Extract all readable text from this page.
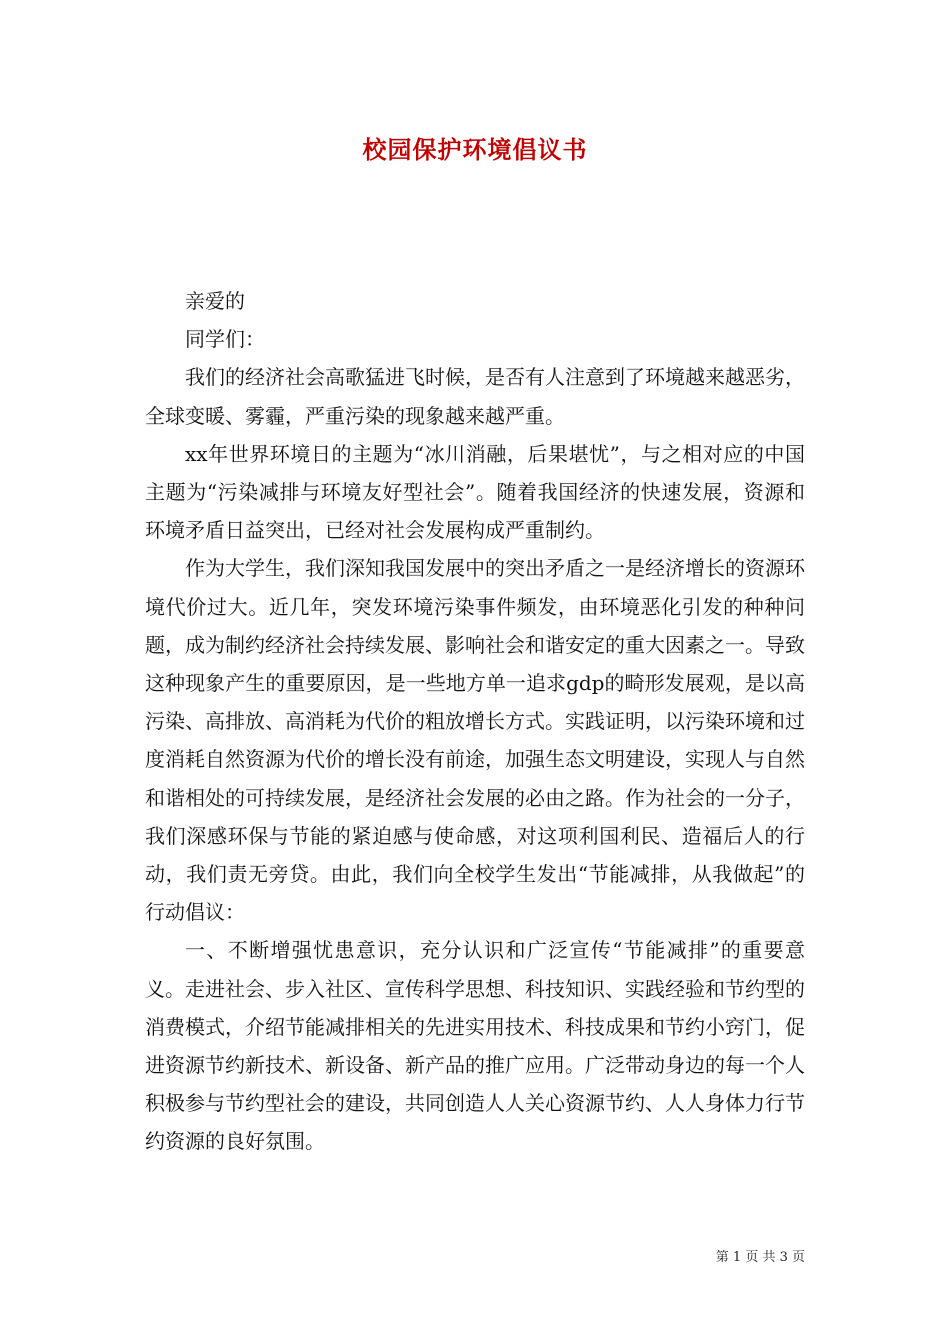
校园保护环境倡议书

亲爱的

同学们：

我们的经济社会高歌猛进飞时候，是否有人注意到了环境越来越恶劣，全球变暖、雾霾，严重污染的现象越来越严重。

xx年世界环境日的主题为“冰川消融，后果堪忧”，与之相对应的中国主题为“污染减排与环境友好型社会”。随着我国经济的快速发展，资源和环境矛盾日益突出，已经对社会发展构成严重制约。

作为大学生，我们深知我国发展中的突出矛盾之一是经济增长的资源环境代价过大。近几年，突发环境污染事件频发，由环境恶化引发的种种问题，成为制约经济社会持续发展、影响社会和谐安定的重大因素之一。导致这种现象产生的重要原因，是一些地方单一追求gdp的畸形发展观，是以高污染、高排放、高消耗为代价的粗放增长方式。实践证明，以污染环境和过度消耗自然资源为代价的增长没有前途，加强生态文明建设，实现人与自然和谐相处的可持续发展，是经济社会发展的必由之路。作为社会的一分子，我们深感环保与节能的紧迫感与使命感，对这项利国利民、造福后人的行动，我们责无旁贷。由此，我们向全校学生发出“节能减排，从我做起”的行动倡议：

一、不断增强忧患意识，充分认识和广泛宣传“节能减排”的重要意义。走进社会、步入社区、宣传科学思想、科技知识、实践经验和节约型的消费模式，介绍节能减排相关的先进实用技术、科技成果和节约小窍门，促进资源节约新技术、新设备、新产品的推广应用。广泛带动身边的每一个人积极参与节约型社会的建设，共同创造人人关心资源节约、人人身体力行节约资源的良好氛围。

第 1 页 共 3 页
